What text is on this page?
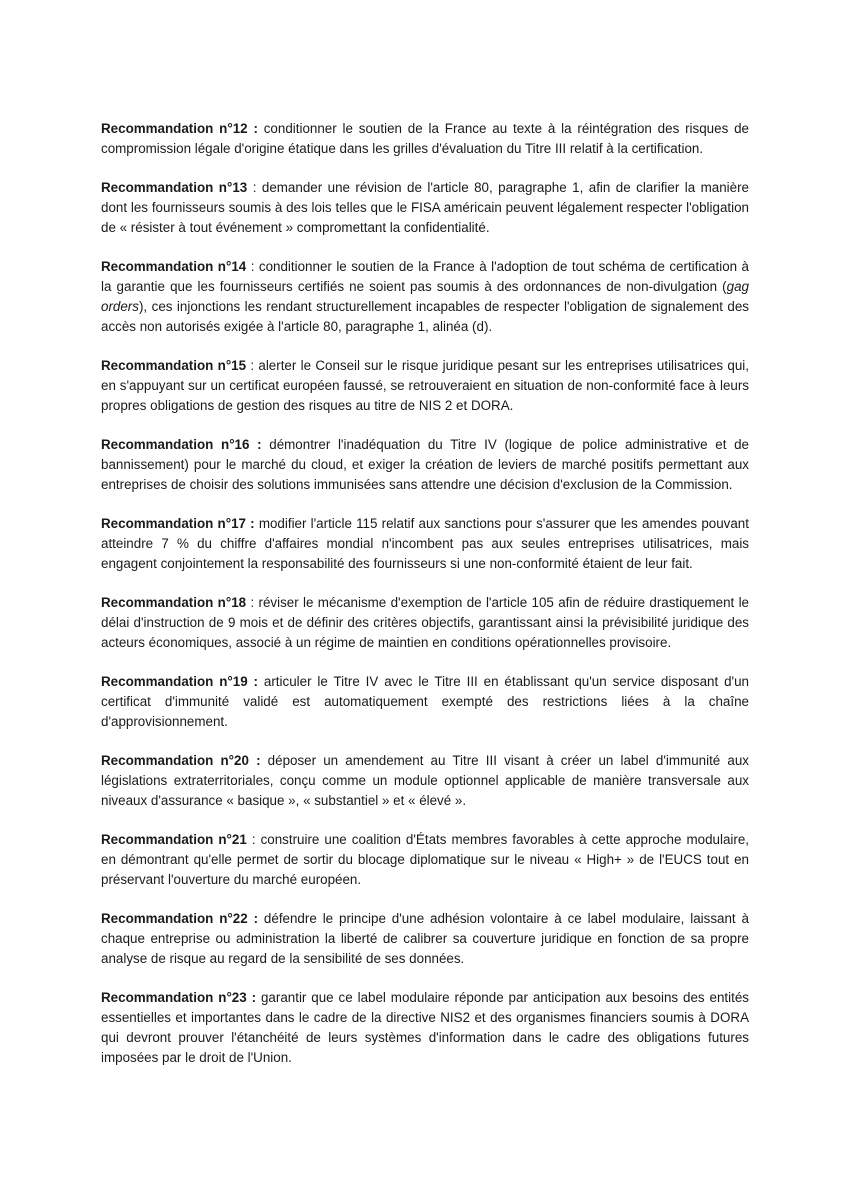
Recommandation n°12 : conditionner le soutien de la France au texte à la réintégration des risques de compromission légale d'origine étatique dans les grilles d'évaluation du Titre III relatif à la certification.

Recommandation n°13 : demander une révision de l'article 80, paragraphe 1, afin de clarifier la manière dont les fournisseurs soumis à des lois telles que le FISA américain peuvent légalement respecter l'obligation de « résister à tout événement » compromettant la confidentialité.

Recommandation n°14 : conditionner le soutien de la France à l'adoption de tout schéma de certification à la garantie que les fournisseurs certifiés ne soient pas soumis à des ordonnances de non-divulgation (gag orders), ces injonctions les rendant structurellement incapables de respecter l'obligation de signalement des accès non autorisés exigée à l'article 80, paragraphe 1, alinéa (d).

Recommandation n°15 : alerter le Conseil sur le risque juridique pesant sur les entreprises utilisatrices qui, en s'appuyant sur un certificat européen faussé, se retrouveraient en situation de non-conformité face à leurs propres obligations de gestion des risques au titre de NIS 2 et DORA.

Recommandation n°16 : démontrer l'inadéquation du Titre IV (logique de police administrative et de bannissement) pour le marché du cloud, et exiger la création de leviers de marché positifs permettant aux entreprises de choisir des solutions immunisées sans attendre une décision d'exclusion de la Commission.

Recommandation n°17 : modifier l'article 115 relatif aux sanctions pour s'assurer que les amendes pouvant atteindre 7 % du chiffre d'affaires mondial n'incombent pas aux seules entreprises utilisatrices, mais engagent conjointement la responsabilité des fournisseurs si une non-conformité étaient de leur fait.

Recommandation n°18 : réviser le mécanisme d'exemption de l'article 105 afin de réduire drastiquement le délai d'instruction de 9 mois et de définir des critères objectifs, garantissant ainsi la prévisibilité juridique des acteurs économiques, associé à un régime de maintien en conditions opérationnelles provisoire.

Recommandation n°19 : articuler le Titre IV avec le Titre III en établissant qu'un service disposant d'un certificat d'immunité validé est automatiquement exempté des restrictions liées à la chaîne d'approvisionnement.

Recommandation n°20 : déposer un amendement au Titre III visant à créer un label d'immunité aux législations extraterritoriales, conçu comme un module optionnel applicable de manière transversale aux niveaux d'assurance « basique », « substantiel » et « élevé ».

Recommandation n°21 : construire une coalition d'États membres favorables à cette approche modulaire, en démontrant qu'elle permet de sortir du blocage diplomatique sur le niveau « High+ » de l'EUCS tout en préservant l'ouverture du marché européen.

Recommandation n°22 : défendre le principe d'une adhésion volontaire à ce label modulaire, laissant à chaque entreprise ou administration la liberté de calibrer sa couverture juridique en fonction de sa propre analyse de risque au regard de la sensibilité de ses données.

Recommandation n°23 : garantir que ce label modulaire réponde par anticipation aux besoins des entités essentielles et importantes dans le cadre de la directive NIS2 et des organismes financiers soumis à DORA qui devront prouver l'étanchéité de leurs systèmes d'information dans le cadre des obligations futures imposées par le droit de l'Union.
